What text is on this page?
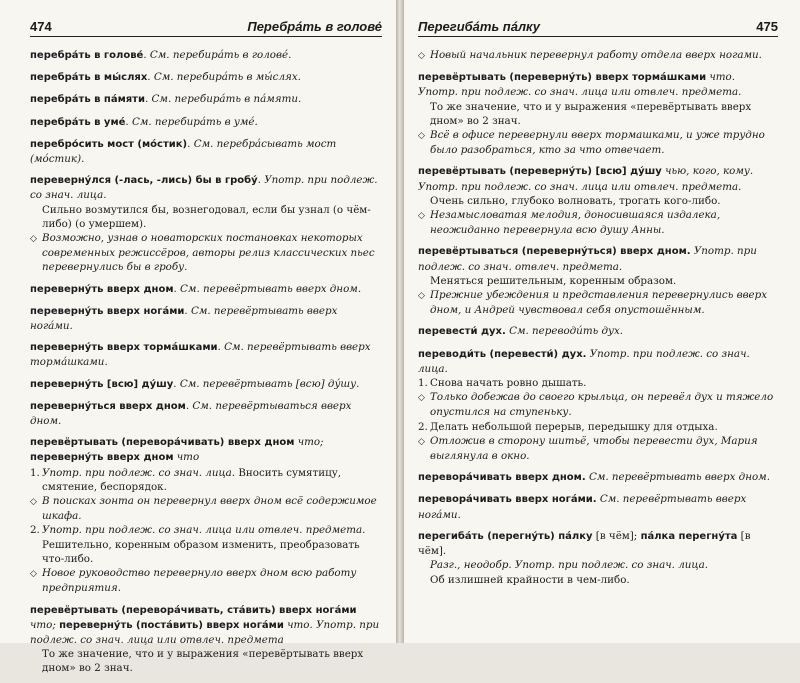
474	Перебрáть в голове́
перебра́ть в голове́. См. перебирáть в голове́.
перебра́ть в мы́слях. См. перебирáть в мы́слях.
перебра́ть в пáмяти. См. перебирáть в пáмяти.
перебра́ть в умé. См. перебирáть в умé.
перебро́сить мост (мóстик). См. перебрáсывать мост (мóстик).
переверну́лся (-лась, -лись) бы в гробу́. Употр. при подлеж. со знач. лица.
Сильно возмутился бы, вознегодовал, если бы узнал (о чём-либо) (о умершем).
◇ Возможно, узнав о новаторских постановках некоторых современных режиссёров, авторы релиз классических пьес перевернулись бы в гробу.
переверну́ть вверх дном. См. перевёртывать вверх дном.
переверну́ть вверх ногáми. См. перевёртывать вверх ногáми.
переверну́ть вверх тормáшками. См. перевёртывать вверх тормáшками.
переверну́ть [всю] ду́шу. См. перевёртывать [всю] ду́шу.
переверну́ться вверх дном. См. перевёртываться вверх дном.
перевёртывать (переворáчивать) вверх дном что; переверну́ть вверх дном что
1. Употр. при подлеж. со знач. лица. Вносить сумятицу, смятение, беспорядок.
◇ В поисках зонта он перевернул вверх дном всё содержимое шкафа.
2. Употр. при подлеж. со знач. лица или отвлеч. предмета. Решительно, коренным образом изменить, преобразовать что-либо.
◇ Новое руководство перевернуло вверх дном всю работу предприятия.
перевёртывать (переворáчивать, стáвить) вверх ногáми что; переверну́ть (постáвить) вверх ногáми что. Употр. при подлеж. со знач. лица или отвлеч. предмета
То же значение, что и у выражения «перевёртывать вверх дном» во 2 знач.
Перегибáть пáлку	475
◇ Новый начальник перевернул работу отдела вверх ногами.
перевёртывать (переверну́ть) вверх тормáшками что. Употр. при подлеж. со знач. лица или отвлеч. предмета.
То же значение, что и у выражения «перевёртывать вверх дном» во 2 знач.
◇ Всё в офисе перевернули вверх тормашками, и уже трудно было разобраться, кто за что отвечает.
перевёртывать (переверну́ть) [всю] ду́шу чью, кого, кому. Употр. при подлеж. со знач. лица или отвлеч. предмета.
Очень сильно, глубоко волновать, трогать кого-либо.
◇ Незамысловатая мелодия, доносившаяся издалека, неожиданно перевернула всю душу Анны.
перевёртываться (переверну́ться) вверх дном. Употр. при подлеж. со знач. отвлеч. предмета.
Меняться решительным, коренным образом.
◇ Прежние убеждения и представления перевернулись вверх дном, и Андрей чувствовал себя опустошённым.
перевести́ дух. См. переводи́ть дух.
переводи́ть (перевести́) дух. Употр. при подлеж. со знач. лица.
1. Снова начать ровно дышать.
◇ Только добежав до своего крыльца, он перевёл дух и тяжело опустился на ступеньку.
2. Делать небольшой перерыв, передышку для отдыха.
◇ Отложив в сторону шитьё, чтобы перевести дух, Мария выглянула в окно.
перевора́чивать вверх дном. См. перевёртывать вверх дном.
перевора́чивать вверх ногáми. См. перевёртывать вверх ногáми.
перегибáть (перегну́ть) пáлку [в чём]; пáлка перегну́та [в чём].
Разг., неодобр. Употр. при подлеж. со знач. лица.
Об излишней крайности в чем-либо.
